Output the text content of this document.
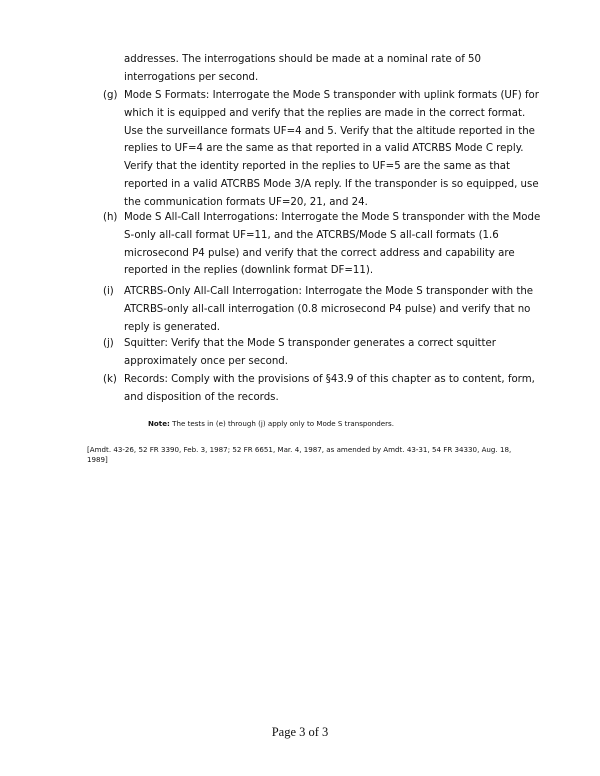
addresses. The interrogations should be made at a nominal rate of 50 interrogations per second.
(g) Mode S Formats: Interrogate the Mode S transponder with uplink formats (UF) for which it is equipped and verify that the replies are made in the correct format. Use the surveillance formats UF=4 and 5. Verify that the altitude reported in the replies to UF=4 are the same as that reported in a valid ATCRBS Mode C reply. Verify that the identity reported in the replies to UF=5 are the same as that reported in a valid ATCRBS Mode 3/A reply. If the transponder is so equipped, use the communication formats UF=20, 21, and 24.
(h) Mode S All-Call Interrogations: Interrogate the Mode S transponder with the Mode S-only all-call format UF=11, and the ATCRBS/Mode S all-call formats (1.6 microsecond P4 pulse) and verify that the correct address and capability are reported in the replies (downlink format DF=11).
(i)	ATCRBS-Only All-Call Interrogation: Interrogate the Mode S transponder with the ATCRBS-only all-call interrogation (0.8 microsecond P4 pulse) and verify that no reply is generated.
(j)	Squitter: Verify that the Mode S transponder generates a correct squitter approximately once per second.
(k) Records: Comply with the provisions of §43.9 of this chapter as to content, form, and disposition of the records.
Note: The tests in (e) through (j) apply only to Mode S transponders.
[Amdt. 43-26, 52 FR 3390, Feb. 3, 1987; 52 FR 6651, Mar. 4, 1987, as amended by Amdt. 43-31, 54 FR 34330, Aug. 18, 1989]
Page 3 of 3
